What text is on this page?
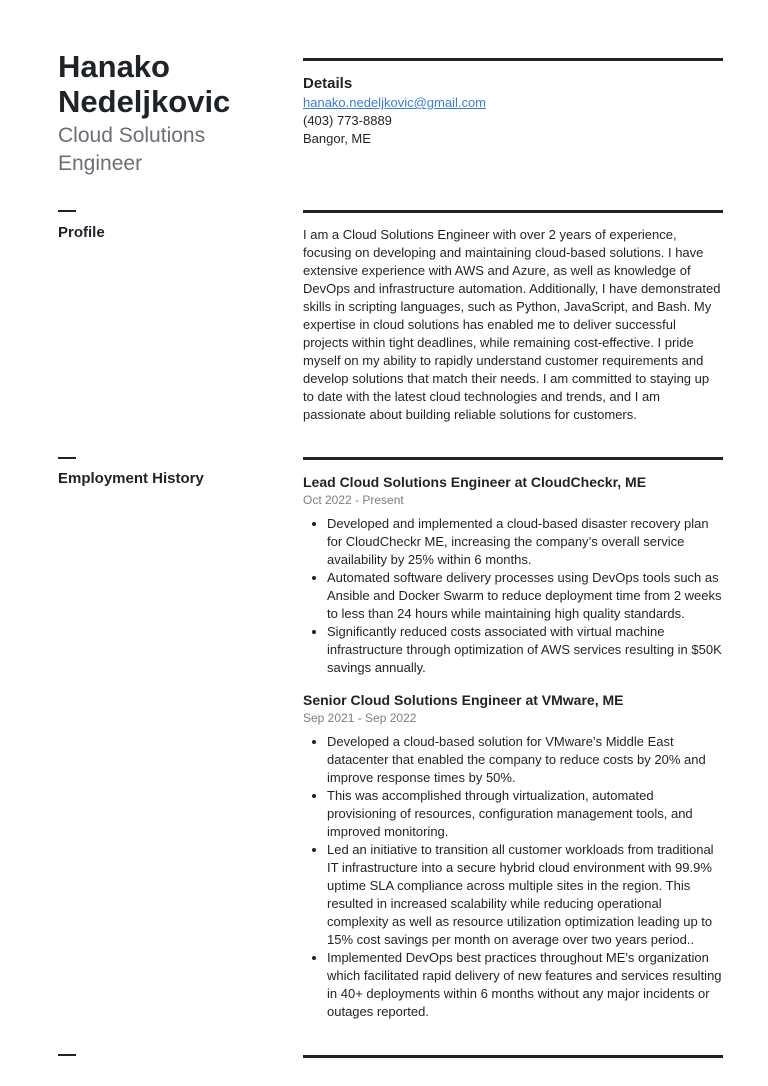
Hanako
Nedeljkovic
Cloud Solutions
Engineer
Details
hanako.nedeljkovic@gmail.com
(403) 773-8889
Bangor, ME
Profile	I am a Cloud Solutions Engineer with over 2 years of experience, focusing on developing and maintaining cloud-based solutions. I have extensive experience with AWS and Azure, as well as knowledge of DevOps and infrastructure automation. Additionally, I have demonstrated skills in scripting languages, such as Python, JavaScript, and Bash. My expertise in cloud solutions has enabled me to deliver successful projects within tight deadlines, while remaining cost-effective. I pride myself on my ability to rapidly understand customer requirements and develop solutions that match their needs. I am committed to staying up to date with the latest cloud technologies and trends, and I am passionate about building reliable solutions for customers.

Employment History	Lead Cloud Solutions Engineer at CloudCheckr, ME
Oct 2022 - Present
• Developed and implemented a cloud-based disaster recovery plan for CloudCheckr ME, increasing the company’s overall service availability by 25% within 6 months.
• Automated software delivery processes using DevOps tools such as Ansible and Docker Swarm to reduce deployment time from 2 weeks to less than 24 hours while maintaining high quality standards.
• Significantly reduced costs associated with virtual machine infrastructure through optimization of AWS services resulting in $50K savings annually.
Senior Cloud Solutions Engineer at VMware, ME
Sep 2021 - Sep 2022
• Developed a cloud-based solution for VMware’s Middle East datacenter that enabled the company to reduce costs by 20% and improve response times by 50%.
• This was accomplished through virtualization, automated provisioning of resources, configuration management tools, and improved monitoring.
• Led an initiative to transition all customer workloads from traditional IT infrastructure into a secure hybrid cloud environment with 99.9% uptime SLA compliance across multiple sites in the region. This resulted in increased scalability while reducing operational complexity as well as resource utilization optimization leading up to 15% cost savings per month on average over two years period..
• Implemented DevOps best practices throughout ME's organization which facilitated rapid delivery of new features and services resulting in 40+ deployments within 6 months without any major incidents or outages reported.
